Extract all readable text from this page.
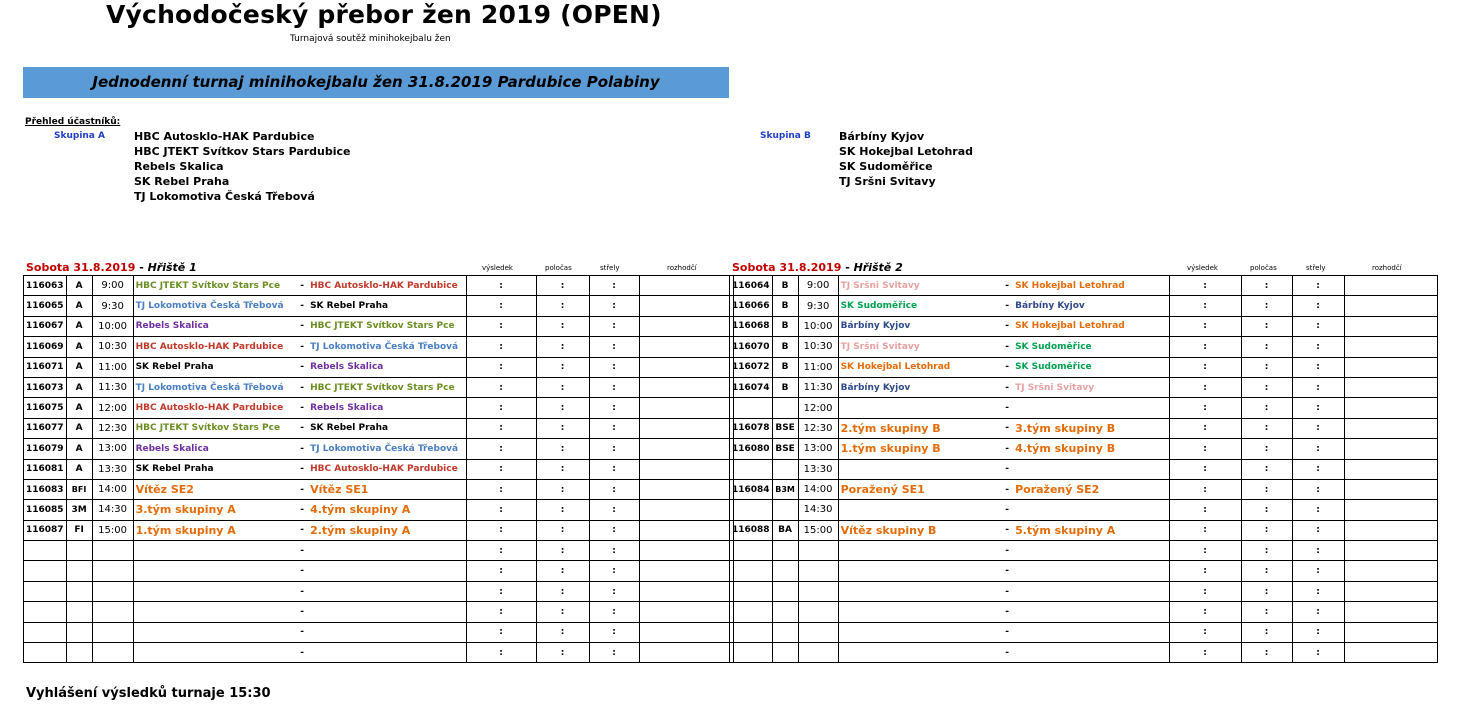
Východočeský přebor žen 2019 (OPEN)
Turnajová soutěž minihokejbalu žen
Jednodenní turnaj minihokejbalu žen 31.8.2019 Pardubice Polabiny
Přehled účastníků:
Skupina A	HBC Autosklo-HAK Pardubice
HBC JTEKT Svítkov Stars Pardubice
Rebels Skalica
SK Rebel Praha
TJ Lokomotiva Česká Třebová
Skupina B	Bárbíny Kyjov
SK Hokejbal Letohrad
SK Sudoměřice
TJ Sršni Svitavy
Sobota 31.8.2019 - Hřiště 1	výsledek	poločas	střely	rozhodčí	Sobota 31.8.2019 - Hřiště 2	výsledek	poločas	střely	rozhodčí
116063	A	9:00	HBC JTEKT Svítkov Stars Pce	-	HBC Autosklo-HAK Pardubice	:	:	:	
116065	A	9:30	TJ Lokomotiva Česká Třebová	-	SK Rebel Praha	:	:	:	
116067	A	10:00	Rebels Skalica	-	HBC JTEKT Svítkov Stars Pce	:	:	:	
116069	A	10:30	HBC Autosklo-HAK Pardubice	-	TJ Lokomotiva Česká Třebová	:	:	:	
116071	A	11:00	SK Rebel Praha	-	Rebels Skalica	:	:	:	
116073	A	11:30	TJ Lokomotiva Česká Třebová	-	HBC JTEKT Svítkov Stars Pce	:	:	:	
116075	A	12:00	HBC Autosklo-HAK Pardubice	-	Rebels Skalica	:	:	:	
116077	A	12:30	HBC JTEKT Svítkov Stars Pce	-	SK Rebel Praha	:	:	:	
116079	A	13:00	Rebels Skalica	-	TJ Lokomotiva Česká Třebová	:	:	:	
116081	A	13:30	SK Rebel Praha	-	HBC Autosklo-HAK Pardubice	:	:	:	
116083	BFI	14:00	Vítěz SE2	-	Vítěz SE1	:	:	:	
116085	3M	14:30	3.tým skupiny A	-	4.tým skupiny A	:	:	:	
116087	FI	15:00	1.tým skupiny A	-	2.tým skupiny A	:	:	:	
				-		:	:	:	
				-		:	:	:	
				-		:	:	:	
				-		:	:	:	
				-		:	:	:	
				-		:	:	:	
116064	B	9:00	TJ Sršni Svitavy	-	SK Hokejbal Letohrad	:	:	:	
116066	B	9:30	SK Sudoměřice	-	Bárbíny Kyjov	:	:	:	
116068	B	10:00	Bárbíny Kyjov	-	SK Hokejbal Letohrad	:	:	:	
116070	B	10:30	TJ Sršni Svitavy	-	SK Sudoměřice	:	:	:	
116072	B	11:00	SK Hokejbal Letohrad	-	SK Sudoměřice	:	:	:	
116074	B	11:30	Bárbíny Kyjov	-	TJ Sršni Svitavy	:	:	:	
		12:00		-		:	:	:	
116078	BSE	12:30	2.tým skupiny B	-	3.tým skupiny B	:	:	:	
116080	BSE	13:00	1.tým skupiny B	-	4.tým skupiny B	:	:	:	
		13:30		-		:	:	:	
116084	B3M	14:00	Poražený SE1	-	Poražený SE2	:	:	:	
		14:30		-		:	:	:	
116088	BA	15:00	Vítěz skupiny B	-	5.tým skupiny A	:	:	:	
				-		:	:	:	
				-		:	:	:	
				-		:	:	:	
				-		:	:	:	
				-		:	:	:	
				-		:	:	:	
Vyhlášení výsledků turnaje 15:30
